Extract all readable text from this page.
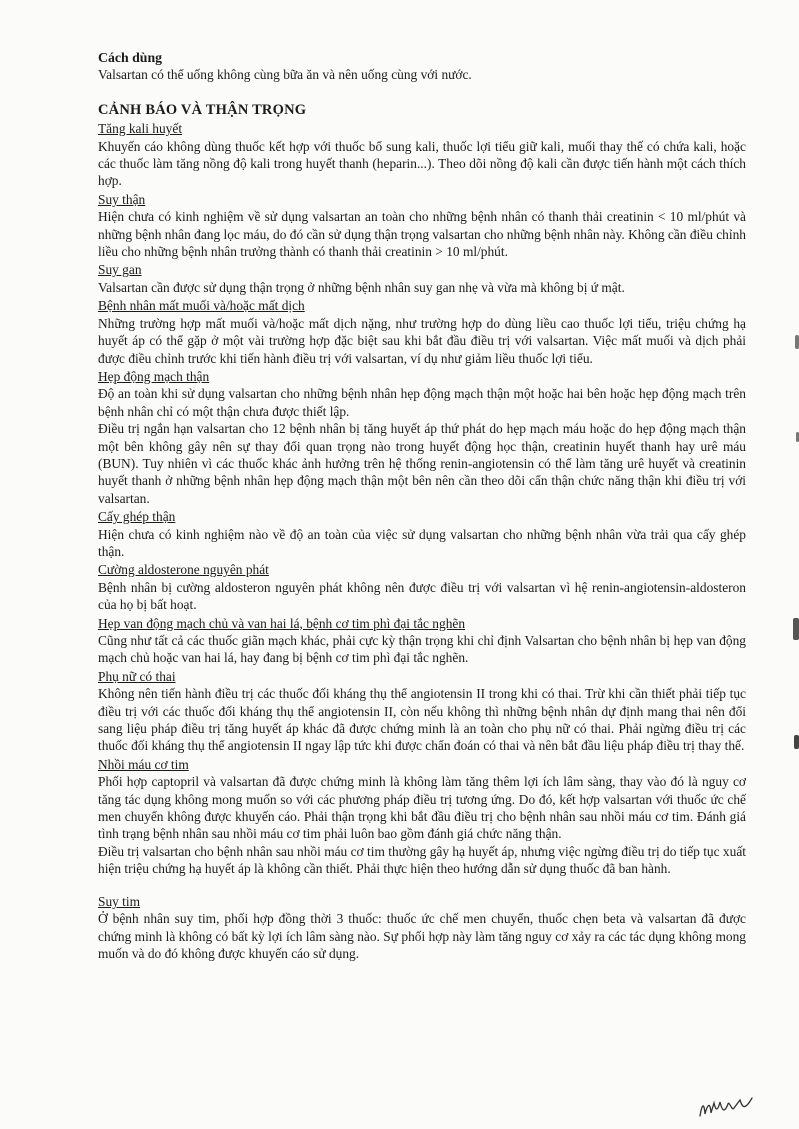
Cách dùng

Valsartan có thể uống không cùng bữa ăn và nên uống cùng với nước.

CẢNH BÁO VÀ THẬN TRỌNG
Tăng kali huyết

Khuyến cáo không dùng thuốc kết hợp với thuốc bổ sung kali, thuốc lợi tiểu giữ kali, muối thay thế có chứa kali, hoặc các thuốc làm tăng nồng độ kali trong huyết thanh (heparin...). Theo dõi nồng độ kali cần được tiến hành một cách thích hợp.

Suy thận

Hiện chưa có kinh nghiệm về sử dụng valsartan an toàn cho những bệnh nhân có thanh thải creatinin < 10 ml/phút và những bệnh nhân đang lọc máu, do đó cần sử dụng thận trọng valsartan cho những bệnh nhân này. Không cần điều chỉnh liều cho những bệnh nhân trưởng thành có thanh thải creatinin > 10 ml/phút.

Suy gan

Valsartan cần được sử dụng thận trọng ở những bệnh nhân suy gan nhẹ và vừa mà không bị ứ mật.

Bệnh nhân mất muối và/hoặc mất dịch

Những trường hợp mất muối và/hoặc mất dịch nặng, như trường hợp do dùng liều cao thuốc lợi tiểu, triệu chứng hạ huyết áp có thể gặp ở một vài trường hợp đặc biệt sau khi bắt đầu điều trị với valsartan. Việc mất muối và dịch phải được điều chỉnh trước khi tiến hành điều trị với valsartan, ví dụ như giảm liều thuốc lợi tiểu.

Hẹp động mạch thận

Độ an toàn khi sử dụng valsartan cho những bệnh nhân hẹp động mạch thận một hoặc hai bên hoặc hẹp động mạch trên bệnh nhân chỉ có một thận chưa được thiết lập.

Điều trị ngắn hạn valsartan cho 12 bệnh nhân bị tăng huyết áp thứ phát do hẹp mạch máu hoặc do hẹp động mạch thận một bên không gây nên sự thay đổi quan trọng nào trong huyết động học thận, creatinin huyết thanh hay urê máu (BUN). Tuy nhiên vì các thuốc khác ảnh hưởng trên hệ thống renin-angiotensin có thể làm tăng urê huyết và creatinin huyết thanh ở những bệnh nhân hẹp động mạch thận một bên nên cần theo dõi cẩn thận chức năng thận khi điều trị với valsartan.

Cấy ghép thận

Hiện chưa có kinh nghiệm nào về độ an toàn của việc sử dụng valsartan cho những bệnh nhân vừa trải qua cấy ghép thận.

Cường aldosterone nguyên phát

Bệnh nhân bị cường aldosteron nguyên phát không nên được điều trị với valsartan vì hệ renin-angiotensin-aldosteron của họ bị bất hoạt.

Hẹp van động mạch chủ và van hai lá, bệnh cơ tim phì đại tắc nghẽn

Cũng như tất cả các thuốc giãn mạch khác, phải cực kỳ thận trọng khi chỉ định Valsartan cho bệnh nhân bị hẹp van động mạch chủ hoặc van hai lá, hay đang bị bệnh cơ tim phì đại tắc nghẽn.

Phụ nữ có thai

Không nên tiến hành điều trị các thuốc đối kháng thụ thể angiotensin II trong khi có thai. Trừ khi cần thiết phải tiếp tục điều trị với các thuốc đối kháng thụ thể angiotensin II, còn nếu không thì những bệnh nhân dự định mang thai nên đổi sang liệu pháp điều trị tăng huyết áp khác đã được chứng minh là an toàn cho phụ nữ có thai. Phải ngừng điều trị các thuốc đối kháng thụ thể angiotensin II ngay lập tức khi được chẩn đoán có thai và nên bắt đầu liệu pháp điều trị thay thế.

Nhồi máu cơ tim

Phối hợp captopril và valsartan đã được chứng minh là không làm tăng thêm lợi ích lâm sàng, thay vào đó là nguy cơ tăng tác dụng không mong muốn so với các phương pháp điều trị tương ứng. Do đó, kết hợp valsartan với thuốc ức chế men chuyển không được khuyến cáo. Phải thận trọng khi bắt đầu điều trị cho bệnh nhân sau nhồi máu cơ tim. Đánh giá tình trạng bệnh nhân sau nhồi máu cơ tim phải luôn bao gồm đánh giá chức năng thận.

Điều trị valsartan cho bệnh nhân sau nhồi máu cơ tim thường gây hạ huyết áp, nhưng việc ngừng điều trị do tiếp tục xuất hiện triệu chứng hạ huyết áp là không cần thiết. Phải thực hiện theo hướng dẫn sử dụng thuốc đã ban hành.

Suy tim

Ở bệnh nhân suy tim, phối hợp đồng thời 3 thuốc: thuốc ức chế men chuyển, thuốc chẹn beta và valsartan đã được chứng minh là không có bất kỳ lợi ích lâm sàng nào. Sự phối hợp này làm tăng nguy cơ xảy ra các tác dụng không mong muốn và do đó không được khuyến cáo sử dụng.
